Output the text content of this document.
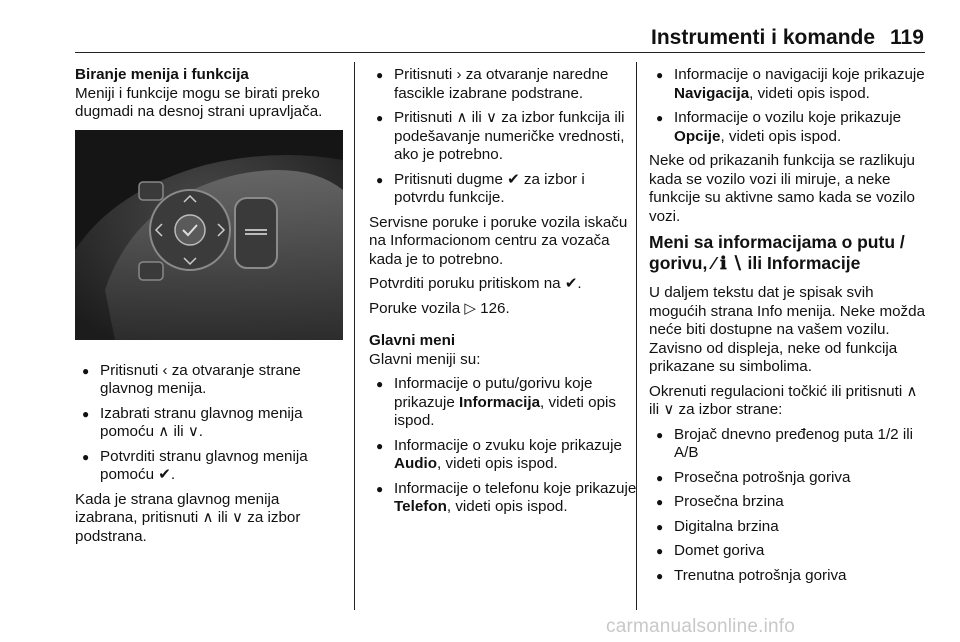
Instrumenti i komande 119

Biranje menija i funkcija

Meniji i funkcije mogu se birati preko dugmadi na desnoj strani upravljača.

● Pritisnuti ‹ za otvaranje strane glavnog menija.
● Izabrati stranu glavnog menija pomoću ∧ ili ∨.
● Potvrditi stranu glavnog menija pomoću ✔.

Kada je strana glavnog menija izabrana, pritisnuti ∧ ili ∨ za izbor podstrana.

● Pritisnuti › za otvaranje naredne fascikle izabrane podstrane.
● Pritisnuti ∧ ili ∨ za izbor funkcija ili podešavanje numeričke vrednosti, ako je potrebno.
● Pritisnuti dugme ✔ za izbor i potvrdu funkcije.

Servisne poruke i poruke vozila iskaču na Informacionom centru za vozača kada je to potrebno.

Potvrditi poruku pritiskom na ✔.

Poruke vozila ▷ 126.

Glavni meni

Glavni meniji su:

● Informacije o putu/gorivu koje prikazuje Informacija, videti opis ispod.
● Informacije o zvuku koje prikazuje Audio, videti opis ispod.
● Informacije o telefonu koje prikazuje Telefon, videti opis ispod.
● Informacije o navigaciji koje prikazuje Navigacija, videti opis ispod.
● Informacije o vozilu koje prikazuje Opcije, videti opis ispod.

Neke od prikazanih funkcija se razlikuju kada se vozilo vozi ili miruje, a neke funkcije su aktivne samo kada se vozilo vozi.

Meni sa informacijama o putu /
gorivu, ∕ ℹ ∖ ili Informacije

U daljem tekstu dat je spisak svih mogućih strana Info menija. Neke možda neće biti dostupne na vašem vozilu. Zavisno od displeja, neke od funkcija prikazane su simbolima.

Okrenuti regulacioni točkić ili pritisnuti ∧ ili ∨ za izbor strane:

● Brojač dnevno pređenog puta 1/2 ili A/B
● Prosečna potrošnja goriva
● Prosečna brzina
● Digitalna brzina
● Domet goriva
● Trenutna potrošnja goriva
carmanualsonline.info
